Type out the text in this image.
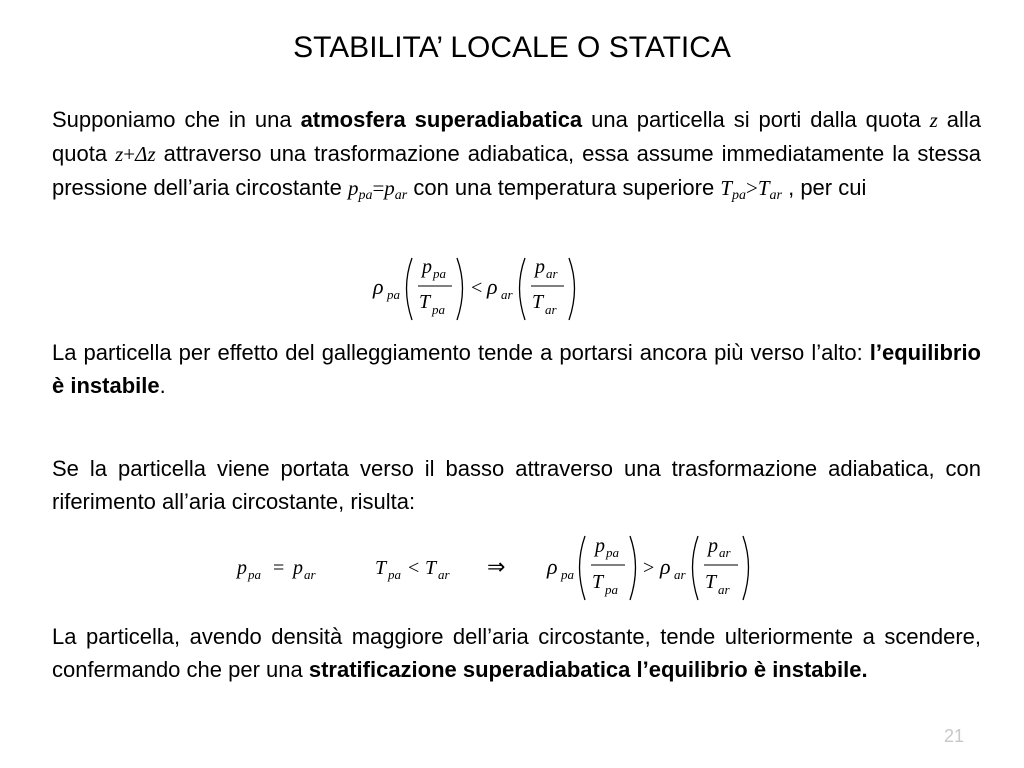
STABILITA’ LOCALE O STATICA
Supponiamo che in una atmosfera superadiabatica una particella si porti dalla quota z alla quota z+Δz attraverso una trasformazione adiabatica, essa assume immediatamente la stessa pressione dell’aria circostante $p_{pa}=p_{ar}$ con una temperatura superiore $T_{pa}>T_{ar}$ , per cui
ρ pa
p pa
T pa
< ρ ar
p ar
T ar
La particella per effetto del galleggiamento tende a portarsi ancora più verso l’alto: l’equilibrio è instabile.
Se la particella viene portata verso il basso attraverso una trasformazione adiabatica, con riferimento all’aria circostante, risulta:
p pa = p ar	T pa < T ar ⇒ ρ pa
p pa
T pa
> ρ ar
p ar
T ar
La particella, avendo densità maggiore dell’aria circostante, tende ulteriormente a scendere, confermando che per una stratificazione superadiabatica l’equilibrio è instabile.
21
